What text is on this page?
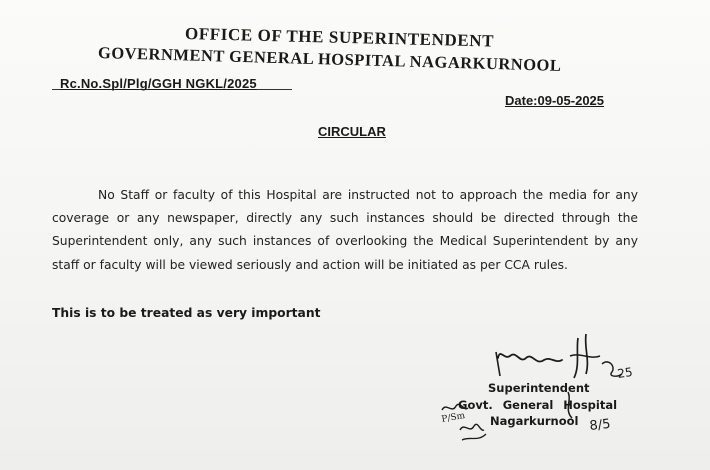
OFFICE OF THE SUPERINTENDENT
GOVERNMENT GENERAL HOSPITAL NAGARKURNOOL
Rc.No.Spl/Plg/GGH NGKL/2025
Date:09-05-2025
CIRCULAR
No Staff or faculty of this Hospital are instructed not to approach the media for any coverage or any newspaper, directly any such instances should be directed through the Superintendent only, any such instances of overlooking the Medical Superintendent by any staff or faculty will be viewed seriously and action will be initiated as per CCA rules.
This is to be treated as very important
25
P/Sm	8/5
Superintendent
Govt. General Hospital
Nagarkurnool
